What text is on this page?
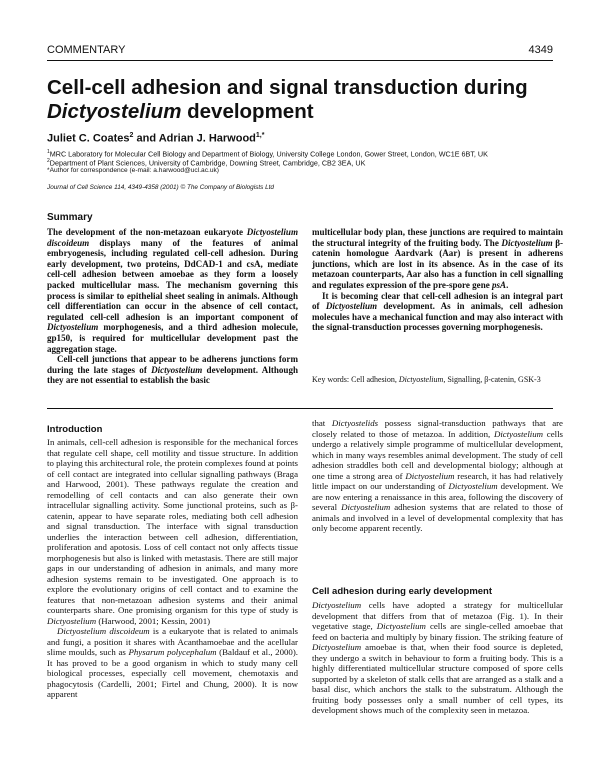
COMMENTARY	4349
Cell-cell adhesion and signal transduction during
Dictyostelium development
Juliet C. Coates$^2$ and Adrian J. Harwood$^{1,*}$
$^1$MRC Laboratory for Molecular Cell Biology and Department of Biology, University College London, Gower Street, London, WC1E 6BT, UK
$^2$Department of Plant Sciences, University of Cambridge, Downing Street, Cambridge, CB2 3EA, UK
*Author for correspondence (e-mail: a.harwood@ucl.ac.uk)
Journal of Cell Science 114, 4349-4358 (2001) © The Company of Biologists Ltd
Summary

The development of the non-metazoan eukaryote Dictyostelium discoideum displays many of the features of animal embryogenesis, including regulated cell-cell adhesion. During early development, two proteins, DdCAD-1 and csA, mediate cell-cell adhesion between amoebae as they form a loosely packed multicellular mass. The mechanism governing this process is similar to epithelial sheet sealing in animals. Although cell differentiation can occur in the absence of cell contact, regulated cell-cell adhesion is an important component of Dictyostelium morphogenesis, and a third adhesion molecule, gp150, is required for multicellular development past the aggregation stage.

Cell-cell junctions that appear to be adherens junctions form during the late stages of Dictyostelium development. Although they are not essential to establish the basic

multicellular body plan, these junctions are required to maintain the structural integrity of the fruiting body. The Dictyostelium β-catenin homologue Aardvark (Aar) is present in adherens junctions, which are lost in its absence. As in the case of its metazoan counterparts, Aar also has a function in cell signalling and regulates expression of the pre-spore gene psA.

It is becoming clear that cell-cell adhesion is an integral part of Dictyostelium development. As in animals, cell adhesion molecules have a mechanical function and may also interact with the signal-transduction processes governing morphogenesis.

Key words: Cell adhesion, Dictyostelium, Signalling, β-catenin, GSK-3
Introduction

In animals, cell-cell adhesion is responsible for the mechanical forces that regulate cell shape, cell motility and tissue structure. In addition to playing this architectural role, the protein complexes found at points of cell contact are integrated into cellular signalling pathways (Braga and Harwood, 2001). These pathways regulate the creation and remodelling of cell contacts and can also generate their own intracellular signalling activity. Some junctional proteins, such as β-catenin, appear to have separate roles, mediating both cell adhesion and signal transduction. The interface with signal transduction underlies the interaction between cell adhesion, differentiation, proliferation and apotosis. Loss of cell contact not only affects tissue morphogenesis but also is linked with metastasis. There are still major gaps in our understanding of adhesion in animals, and many more adhesion systems remain to be investigated. One approach is to explore the evolutionary origins of cell contact and to examine the features that non-metazoan adhesion systems and their animal counterparts share. One promising organism for this type of study is Dictyostelium (Harwood, 2001; Kessin, 2001)

Dictyostelium discoideum is a eukaryote that is related to animals and fungi, a position it shares with Acanthamoebae and the acellular slime moulds, such as Physarum polycephalum (Baldauf et al., 2000). It has proved to be a good organism in which to study many cell biological processes, especially cell movement, chemotaxis and phagocytosis (Cardelli, 2001; Firtel and Chung, 2000). It is now apparent

that Dictyostelids possess signal-transduction pathways that are closely related to those of metazoa. In addition, Dictyostelium cells undergo a relatively simple programme of multicellular development, which in many ways resembles animal development. The study of cell adhesion straddles both cell and developmental biology; although at one time a strong area of Dictyostelium research, it has had relatively little impact on our understanding of Dictyostelium development. We are now entering a renaissance in this area, following the discovery of several Dictyostelium adhesion systems that are related to those of animals and involved in a level of developmental complexity that has only become apparent recently.

Cell adhesion during early development

Dictyostelium cells have adopted a strategy for multicellular development that differs from that of metazoa (Fig. 1). In their vegetative stage, Dictyostelium cells are single-celled amoebae that feed on bacteria and multiply by binary fission. The striking feature of Dictyostelium amoebae is that, when their food source is depleted, they undergo a switch in behaviour to form a fruiting body. This is a highly differentiated multicellular structure composed of spore cells supported by a skeleton of stalk cells that are arranged as a stalk and a basal disc, which anchors the stalk to the substratum. Although the fruiting body possesses only a small number of cell types, its development shows much of the complexity seen in metazoa.
